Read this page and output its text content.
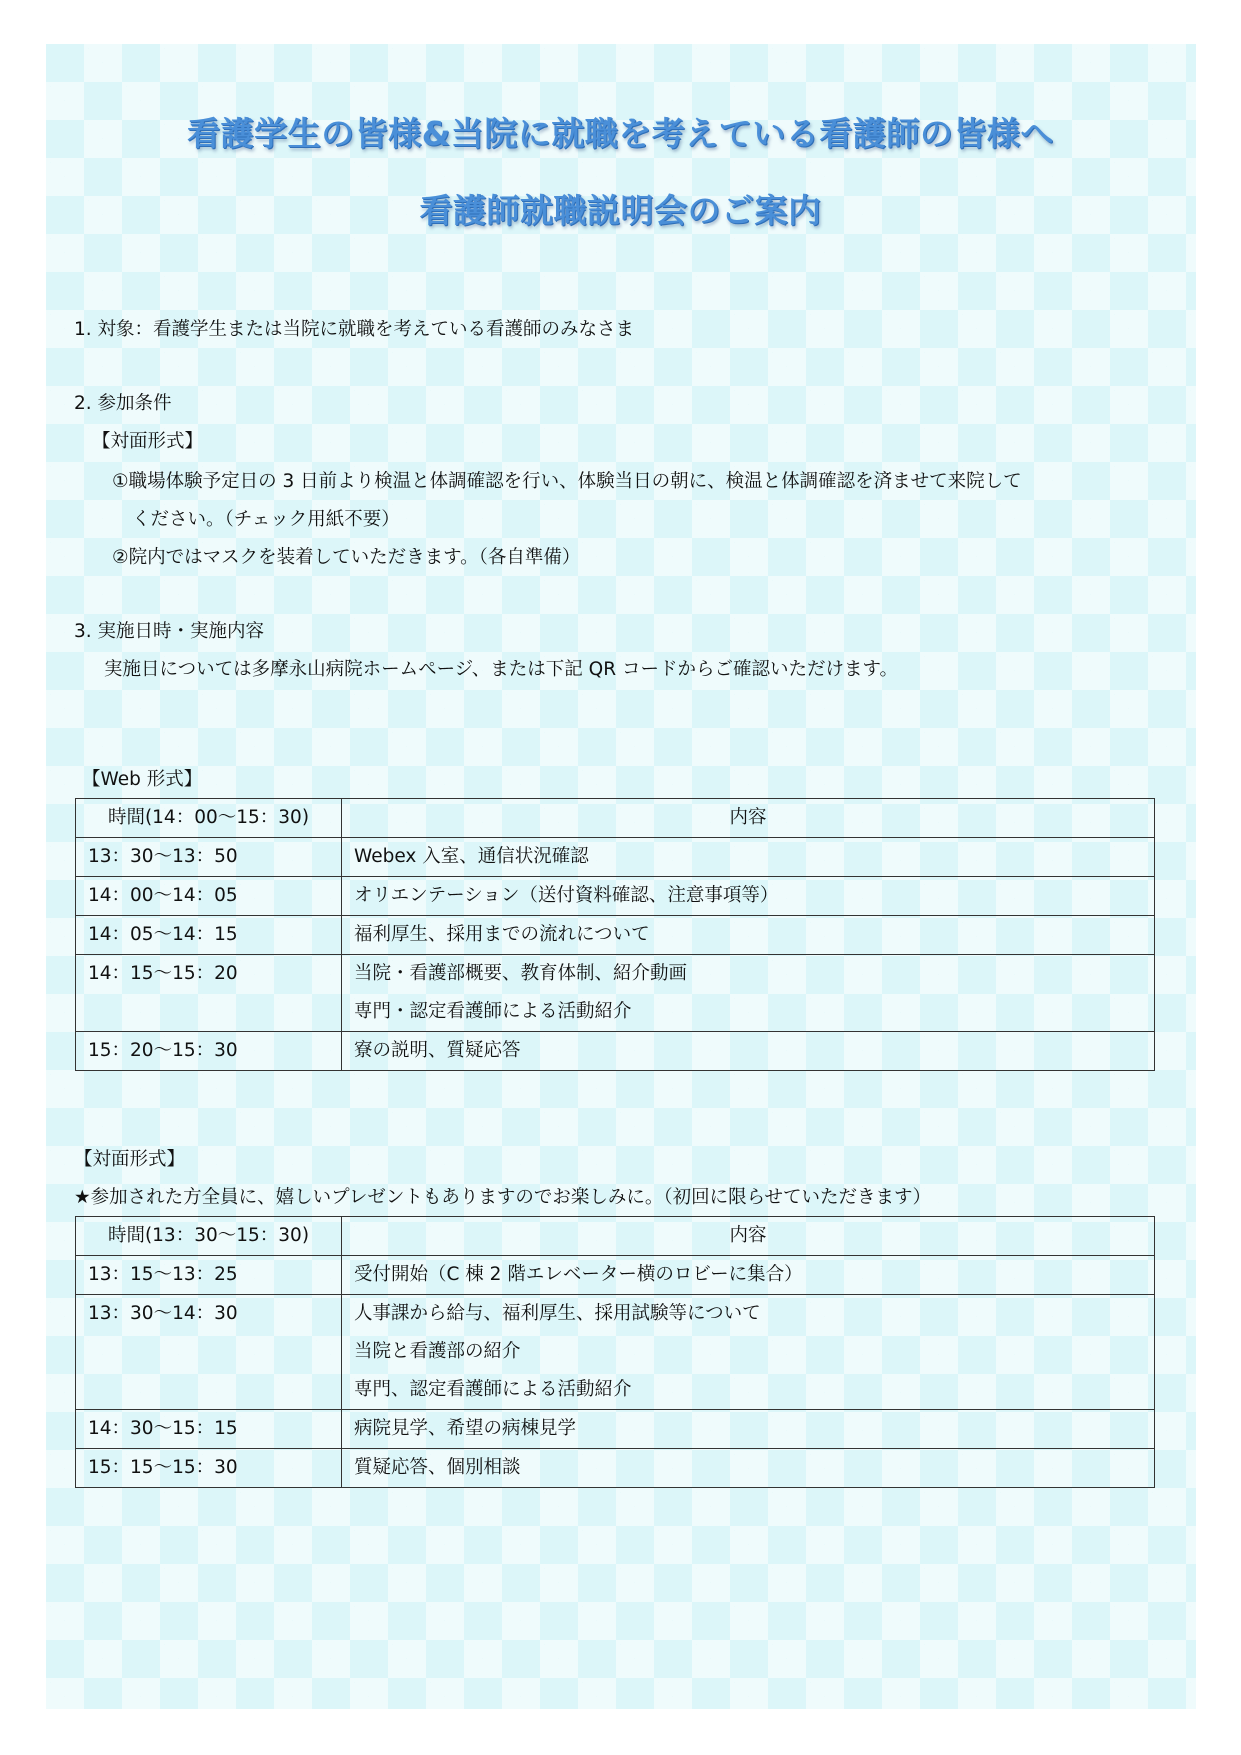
看護学生の皆様&当院に就職を考えている看護師の皆様へ
看護師就職説明会のご案内
1. 対象：看護学生または当院に就職を考えている看護師のみなさま
2. 参加条件
【対面形式】
①職場体験予定日の 3 日前より検温と体調確認を行い、体験当日の朝に、検温と体調確認を済ませて来院して
ください。（チェック用紙不要）
②院内ではマスクを装着していただきます。（各自準備）
3. 実施日時・実施内容
実施日については多摩永山病院ホームページ、または下記 QR コードからご確認いただけます。
【Web 形式】
時間(14：00～15：30)	内容
13：30～13：50	Webex 入室、通信状況確認

14：00～14：05	オリエンテーション（送付資料確認、注意事項等）

14：05～14：15	福利厚生、採用までの流れについて

14：15～15：20	当院・看護部概要、教育体制、紹介動画
専門・認定看護師による活動紹介

15：20～15：30	寮の説明、質疑応答
【対面形式】
★参加された方全員に、嬉しいプレゼントもありますのでお楽しみに。（初回に限らせていただきます）
時間(13：30～15：30)	内容
13：15～13：25	受付開始（C 棟 2 階エレベーター横のロビーに集合）

13：30～14：30	人事課から給与、福利厚生、採用試験等について
当院と看護部の紹介
専門、認定看護師による活動紹介

14：30～15：15	病院見学、希望の病棟見学

15：15～15：30	質疑応答、個別相談
